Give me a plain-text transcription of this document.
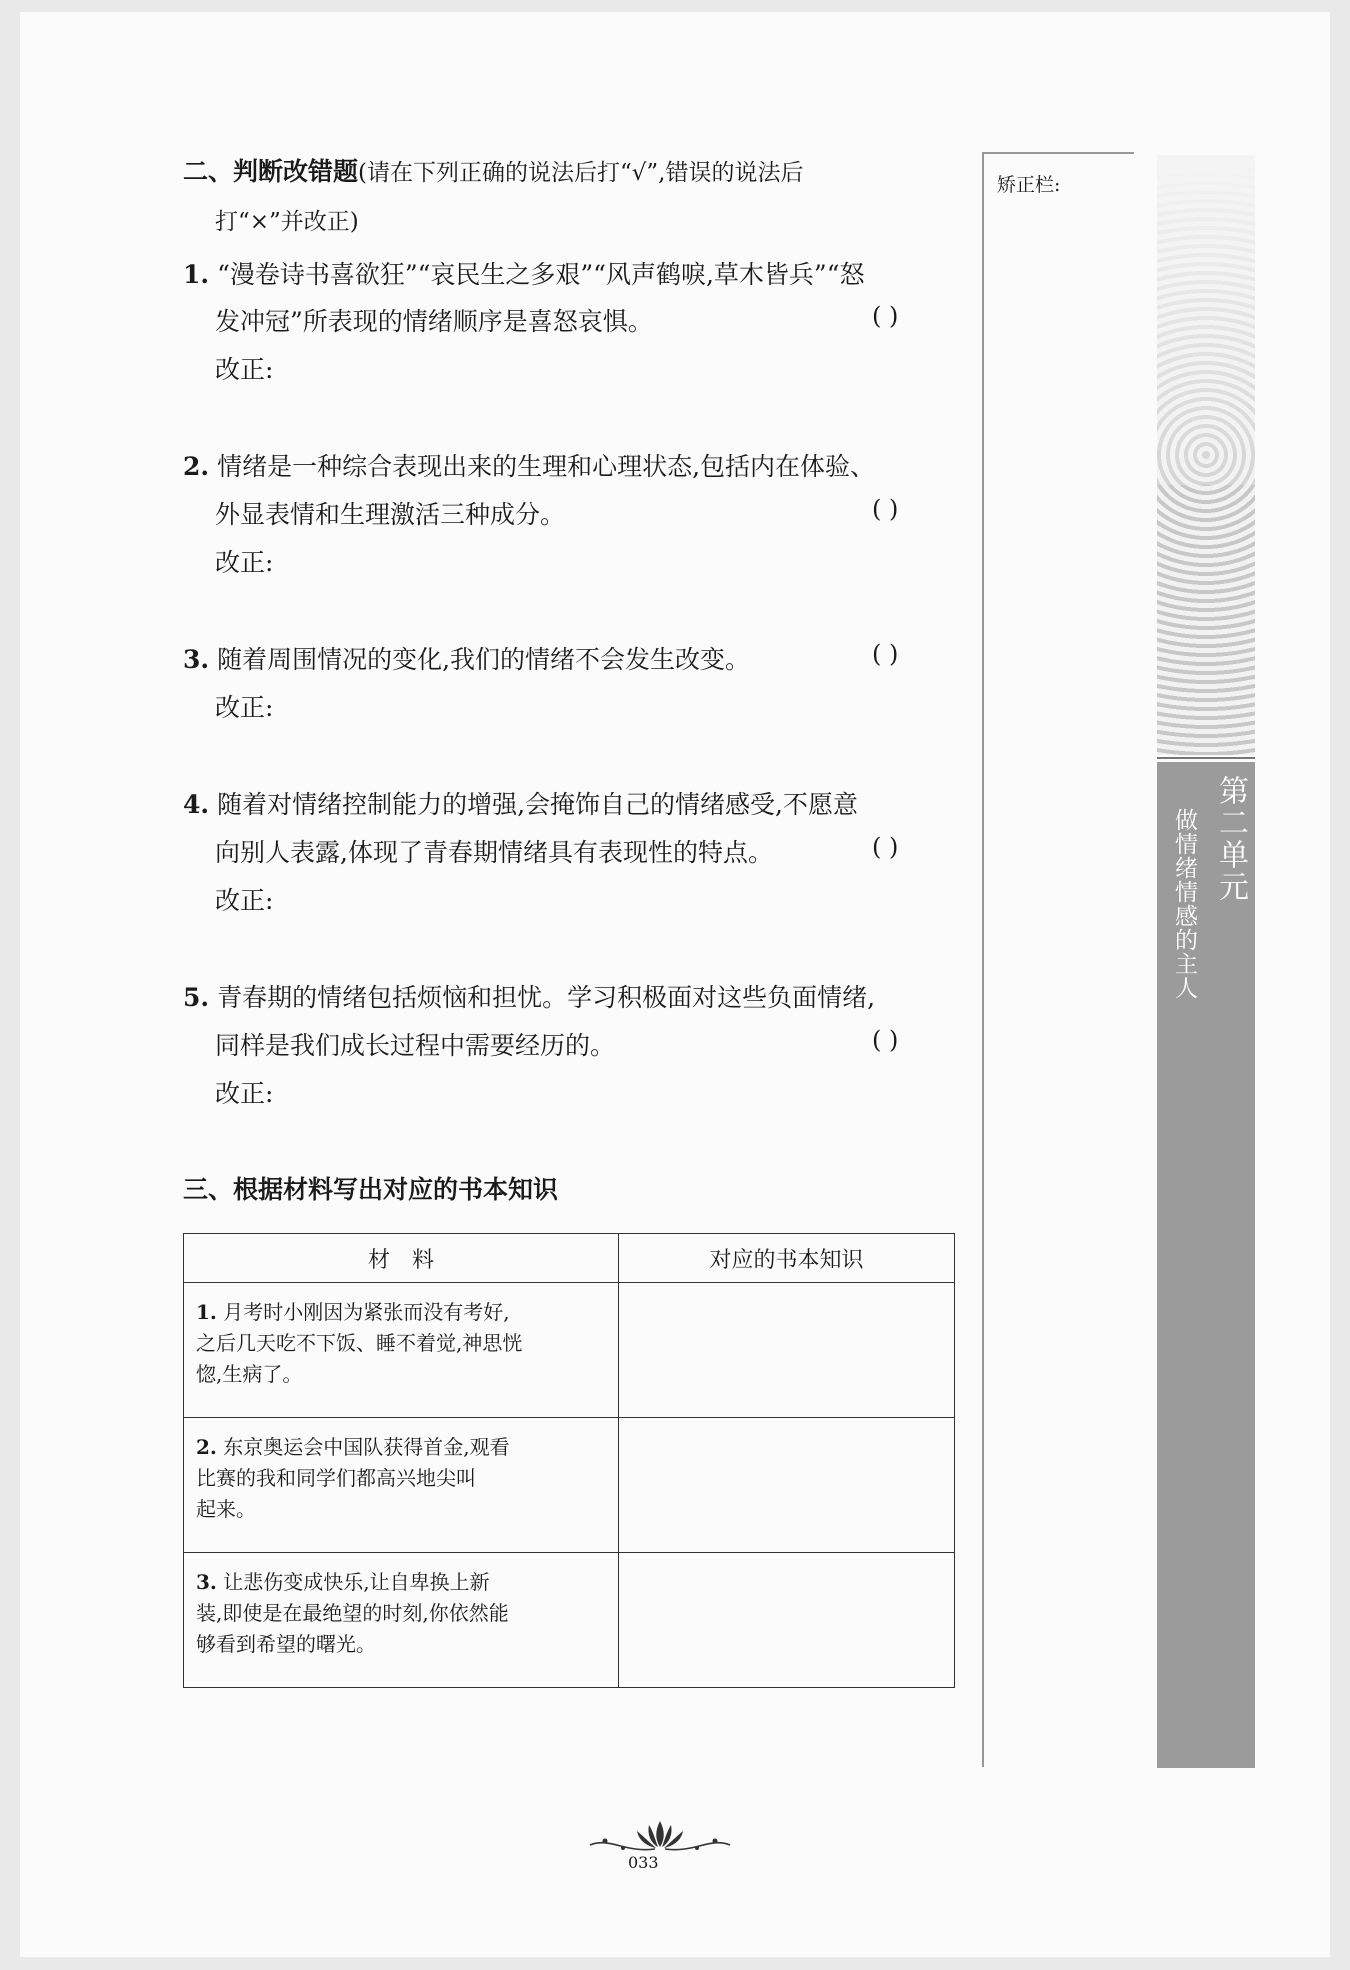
二、判断改错题(请在下列正确的说法后打“√”,错误的说法后
打“×”并改正)
1. “漫卷诗书喜欲狂”“哀民生之多艰”“风声鹤唳,草木皆兵”“怒
发冲冠”所表现的情绪顺序是喜怒哀惧。	( )
改正:
2. 情绪是一种综合表现出来的生理和心理状态,包括内在体验、
外显表情和生理激活三种成分。	( )
改正:
3. 随着周围情况的变化,我们的情绪不会发生改变。	( )
改正:
4. 随着对情绪控制能力的增强,会掩饰自己的情绪感受,不愿意
向别人表露,体现了青春期情绪具有表现性的特点。	( )
改正:
5. 青春期的情绪包括烦恼和担忧。学习积极面对这些负面情绪,
同样是我们成长过程中需要经历的。	( )
改正:
三、根据材料写出对应的书本知识
材　料	对应的书本知识

1. 月考时小刚因为紧张而没有考好,
之后几天吃不下饭、睡不着觉,神思恍
惚,生病了。	

2. 东京奥运会中国队获得首金,观看
比赛的我和同学们都高兴地尖叫
起来。	

3. 让悲伤变成快乐,让自卑换上新
装,即使是在最绝望的时刻,你依然能
够看到希望的曙光。	

矫正栏:
第二单元
做情绪情感的主人
033
